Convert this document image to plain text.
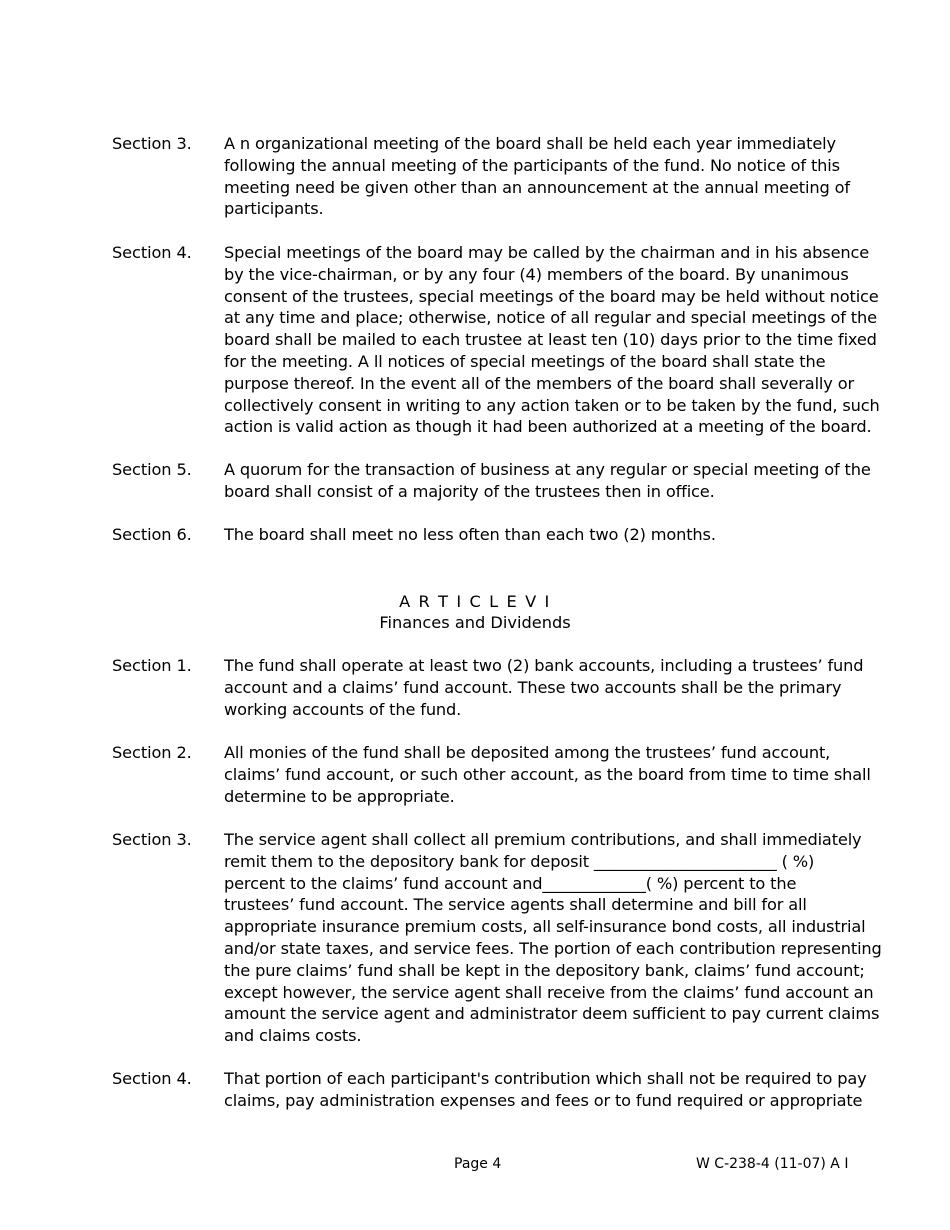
Section 3. A n organizational meeting of the board shall be held each year immediately
following the annual meeting of the participants of the fund. No notice of this
meeting need be given other than an announcement at the annual meeting of
participants.
Section 4. Special meetings of the board may be called by the chairman and in his absence
by the vice-chairman, or by any four (4) members of the board. By unanimous
consent of the trustees, special meetings of the board may be held without notice
at any time and place; otherwise, notice of all regular and special meetings of the
board shall be mailed to each trustee at least ten (10) days prior to the time fixed
for the meeting. A ll notices of special meetings of the board shall state the
purpose thereof. In the event all of the members of the board shall severally or
collectively consent in writing to any action taken or to be taken by the fund, such
action is valid action as though it had been authorized at a meeting of the board.
Section 5. A quorum for the transaction of business at any regular or special meeting of the
board shall consist of a majority of the trustees then in office.
Section 6. The board shall meet no less often than each two (2) months.
A R T I C L E V I
Finances and Dividends
Section 1. The fund shall operate at least two (2) bank accounts, including a trustees’ fund
account and a claims’ fund account. These two accounts shall be the primary
working accounts of the fund.
Section 2. All monies of the fund shall be deposited among the trustees’ fund account,
claims’ fund account, or such other account, as the board from time to time shall
determine to be appropriate.
Section 3. The service agent shall collect all premium contributions, and shall immediately
remit them to the depository bank for deposit _______________________ ( %)
percent to the claims’ fund account and_____________( %) percent to the
trustees’ fund account. The service agents shall determine and bill for all
appropriate insurance premium costs, all self-insurance bond costs, all industrial
and/or state taxes, and service fees. The portion of each contribution representing
the pure claims’ fund shall be kept in the depository bank, claims’ fund account;
except however, the service agent shall receive from the claims’ fund account an
amount the service agent and administrator deem sufficient to pay current claims
and claims costs.
Section 4. That portion of each participant's contribution which shall not be required to pay
claims, pay administration expenses and fees or to fund required or appropriate
Page 4	W C-238-4 (11-07) A I
